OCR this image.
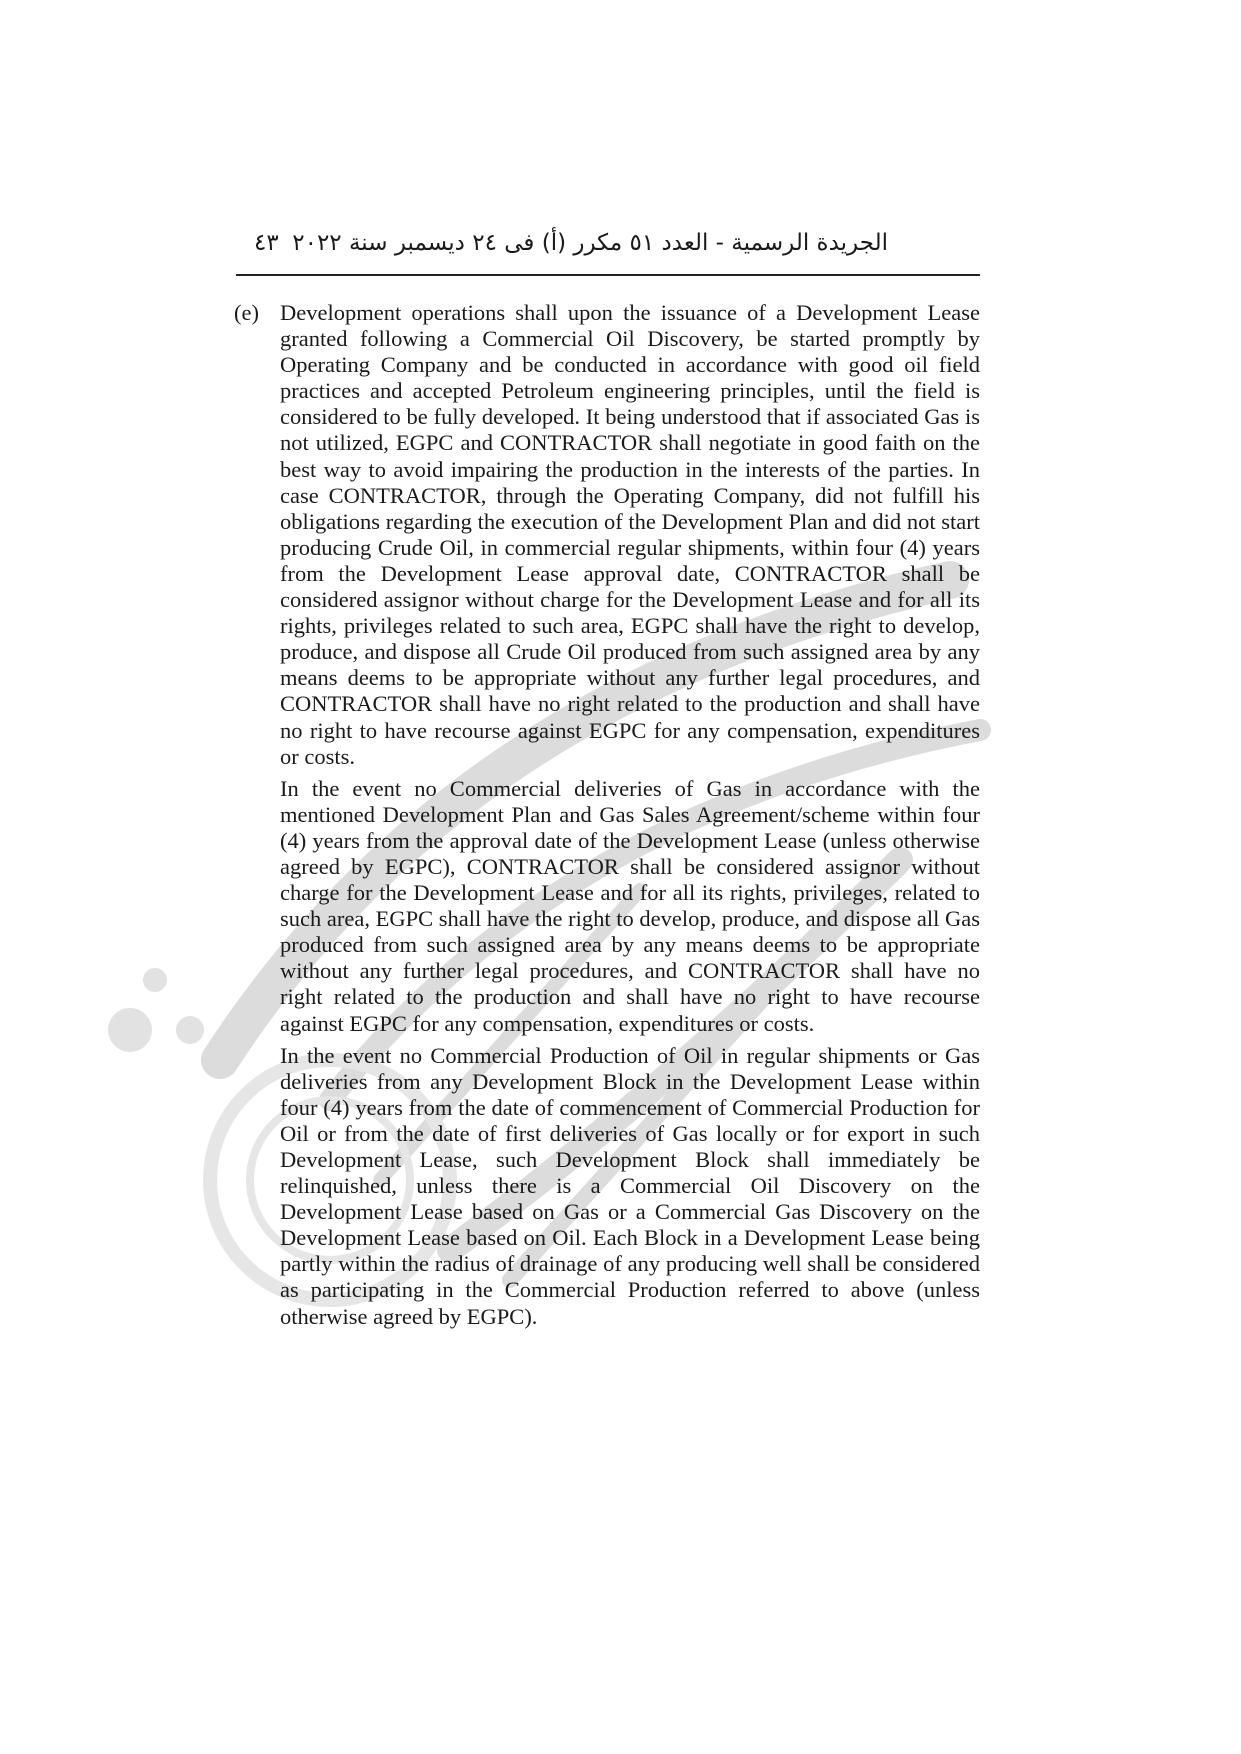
الجريدة الرسمية - العدد ٥١ مكرر (أ) فى ٢٤ ديسمبر سنة ٢٠٢٢
٤٣

(e) Development operations shall upon the issuance of a Development Lease granted following a Commercial Oil Discovery, be started promptly by Operating Company and be conducted in accordance with good oil field practices and accepted Petroleum engineering principles, until the field is considered to be fully developed. It being understood that if associated Gas is not utilized, EGPC and CONTRACTOR shall negotiate in good faith on the best way to avoid impairing the production in the interests of the parties. In case CONTRACTOR, through the Operating Company, did not fulfill his obligations regarding the execution of the Development Plan and did not start producing Crude Oil, in commercial regular shipments, within four (4) years from the Development Lease approval date, CONTRACTOR shall be considered assignor without charge for the Development Lease and for all its rights, privileges related to such area, EGPC shall have the right to develop, produce, and dispose all Crude Oil produced from such assigned area by any means deems to be appropriate without any further legal procedures, and CONTRACTOR shall have no right related to the production and shall have no right to have recourse against EGPC for any compensation, expenditures or costs.

In the event no Commercial deliveries of Gas in accordance with the mentioned Development Plan and Gas Sales Agreement/scheme within four (4) years from the approval date of the Development Lease (unless otherwise agreed by EGPC), CONTRACTOR shall be considered assignor without charge for the Development Lease and for all its rights, privileges, related to such area, EGPC shall have the right to develop, produce, and dispose all Gas produced from such assigned area by any means deems to be appropriate without any further legal procedures, and CONTRACTOR shall have no right related to the production and shall have no right to have recourse against EGPC for any compensation, expenditures or costs.

In the event no Commercial Production of Oil in regular shipments or Gas deliveries from any Development Block in the Development Lease within four (4) years from the date of commencement of Commercial Production for Oil or from the date of first deliveries of Gas locally or for export in such Development Lease, such Development Block shall immediately be relinquished, unless there is a Commercial Oil Discovery on the Development Lease based on Gas or a Commercial Gas Discovery on the Development Lease based on Oil. Each Block in a Development Lease being partly within the radius of drainage of any producing well shall be considered as participating in the Commercial Production referred to above (unless otherwise agreed by EGPC).
